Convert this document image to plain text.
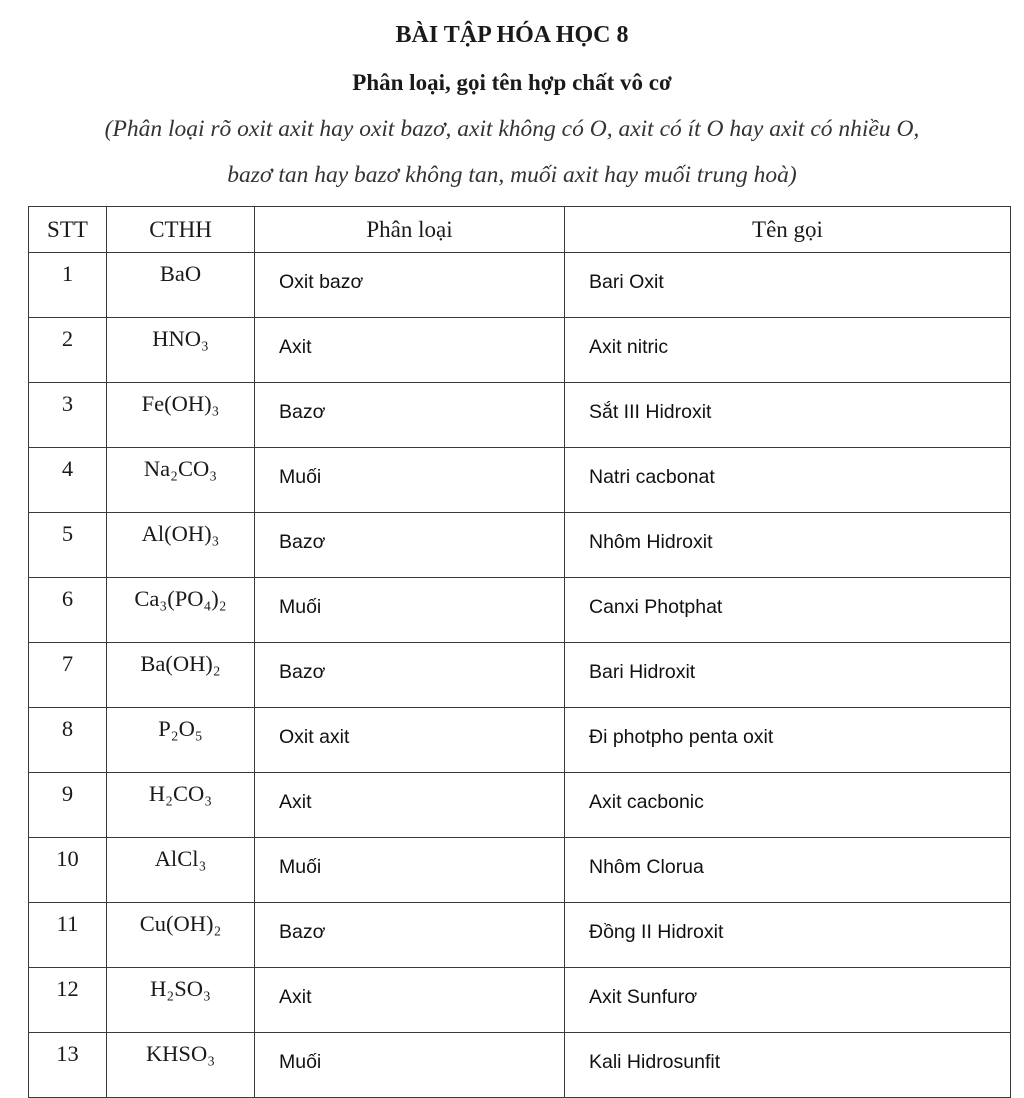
BÀI TẬP HÓA HỌC 8
Phân loại, gọi tên hợp chất vô cơ
(Phân loại rõ oxit axit hay oxit bazơ, axit không có O, axit có ít O hay axit có nhiều O,
bazơ tan hay bazơ không tan, muối axit hay muối trung hoà)
STT	CTHH	Phân loại	Tên gọi
1	BaO	Oxit bazơ	Bari Oxit
2	HNO₃	Axit	Axit nitric
3	Fe(OH)₃	Bazơ	Sắt III Hidroxit
4	Na₂CO₃	Muối	Natri cacbonat
5	Al(OH)₃	Bazơ	Nhôm Hidroxit
6	Ca₃(PO₄)₂	Muối	Canxi Photphat
7	Ba(OH)₂	Bazơ	Bari Hidroxit
8	P₂O₅	Oxit axit	Đi photpho penta oxit
9	H₂CO₃	Axit	Axit cacbonic
10	AlCl₃	Muối	Nhôm Clorua
11	Cu(OH)₂	Bazơ	Đồng II Hidroxit
12	H₂SO₃	Axit	Axit Sunfurơ
13	KHSO₃	Muối	Kali Hidrosunfit
